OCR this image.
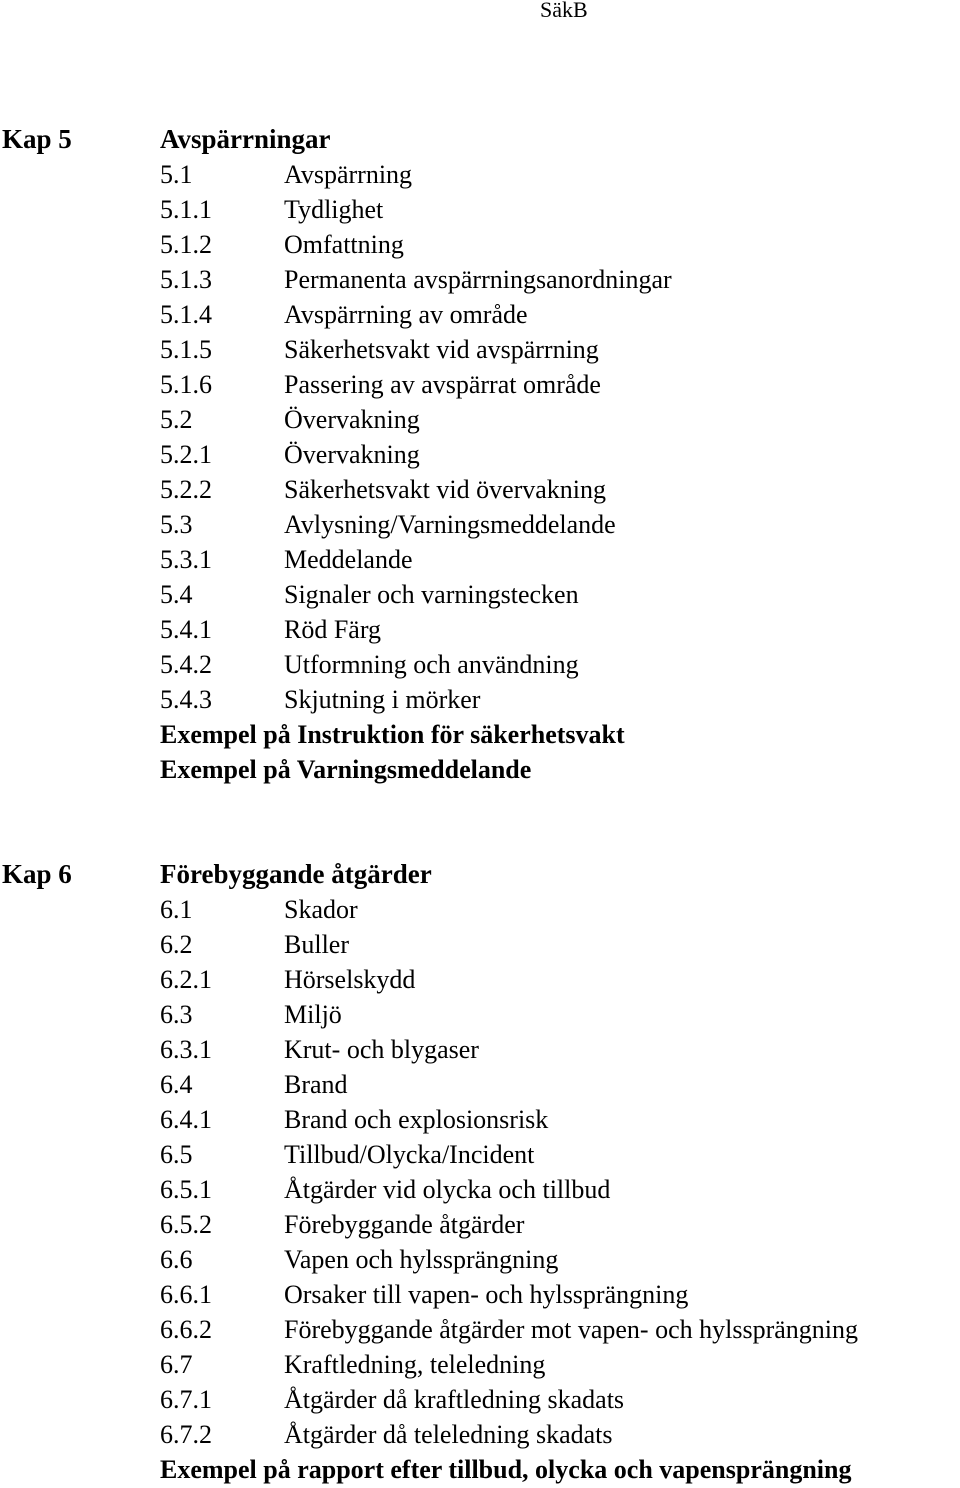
SäkB
Kap 5	Avspärrningar
5.1	Avspärrning
5.1.1	Tydlighet
5.1.2	Omfattning
5.1.3	Permanenta avspärrningsanordningar
5.1.4	Avspärrning av område
5.1.5	Säkerhetsvakt vid avspärrning
5.1.6	Passering av avspärrat område
5.2	Övervakning
5.2.1	Övervakning
5.2.2	Säkerhetsvakt vid övervakning
5.3	Avlysning/Varningsmeddelande
5.3.1	Meddelande
5.4	Signaler och varningstecken
5.4.1	Röd Färg
5.4.2	Utformning och användning
5.4.3	Skjutning i mörker
Exempel på Instruktion för säkerhetsvakt
Exempel på Varningsmeddelande
Kap 6	Förebyggande åtgärder
6.1	Skador
6.2	Buller
6.2.1	Hörselskydd
6.3	Miljö
6.3.1	Krut- och blygaser
6.4	Brand
6.4.1	Brand och explosionsrisk
6.5	Tillbud/Olycka/Incident
6.5.1	Åtgärder vid olycka och tillbud
6.5.2	Förebyggande åtgärder
6.6	Vapen och hylssprängning
6.6.1	Orsaker till vapen- och hylssprängning
6.6.2	Förebyggande åtgärder mot vapen- och hylssprängning
6.7	Kraftledning, teleledning
6.7.1	Åtgärder då kraftledning skadats
6.7.2	Åtgärder då teleledning skadats
Exempel på rapport efter tillbud, olycka och vapensprängning
